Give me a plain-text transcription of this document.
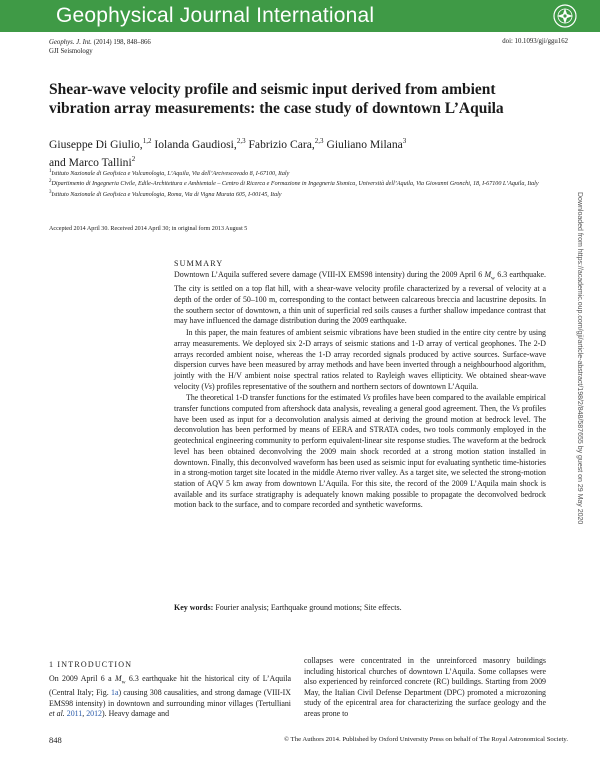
Geophysical Journal International
Geophys. J. Int. (2014) 198, 848–866
GJI Seismology
doi: 10.1093/gji/ggu162
Shear-wave velocity profile and seismic input derived from ambient vibration array measurements: the case study of downtown L’Aquila
Giuseppe Di Giulio,$^{1,2}$ Iolanda Gaudiosi,$^{2,3}$ Fabrizio Cara,$^{2,3}$ Giuliano Milana$^3$
and Marco Tallini$^2$
$^1$Istituto Nazionale di Geofisica e Vulcanologia, L’Aquila, Via dell’Arcivescovado 8, I-67100, Italy
$^2$Dipartimento di Ingegneria Civile, Edile-Architettura e Ambientale – Centro di Ricerca e Formazione in Ingegneria Sismica, Università dell’Aquila, Via Giovanni Gronchi, 18, I-67100 L’Aquila, Italy
$^3$Istituto Nazionale di Geofisica e Vulcanologia, Roma, Via di Vigna Murata 605, I-00145, Italy
Accepted 2014 April 30. Received 2014 April 30; in original form 2013 August 5
SUMMARY

Downtown L’Aquila suffered severe damage (VIII-IX EMS98 intensity) during the 2009 April 6 $M_w$ 6.3 earthquake. The city is settled on a top flat hill, with a shear-wave velocity profile characterized by a reversal of velocity at a depth of the order of 50–100 m, corresponding to the contact between calcareous breccia and lacustrine deposits. In the southern sector of downtown, a thin unit of superficial red soils causes a further shallow impedance contrast that may have influenced the damage distribution during the 2009 earthquake.

In this paper, the main features of ambient seismic vibrations have been studied in the entire city centre by using array measurements. We deployed six 2-D arrays of seismic stations and 1-D array of vertical geophones. The 2-D arrays recorded ambient noise, whereas the 1-D array recorded signals produced by active sources. Surface-wave dispersion curves have been measured by array methods and have been inverted through a neighbourhood algorithm, jointly with the H/V ambient noise spectral ratios related to Rayleigh waves ellipticity. We obtained shear-wave velocity (Vs) profiles representative of the southern and northern sectors of downtown L’Aquila.

The theoretical 1-D transfer functions for the estimated Vs profiles have been compared to the available empirical transfer functions computed from aftershock data analysis, revealing a general good agreement. Then, the Vs profiles have been used as input for a deconvolution analysis aimed at deriving the ground motion at bedrock level. The deconvolution has been performed by means of EERA and STRATA codes, two tools commonly employed in the geotechnical engineering community to perform equivalent-linear site response studies. The waveform at the bedrock level has been obtained deconvolving the 2009 main shock recorded at a strong motion station installed in downtown. Finally, this deconvolved waveform has been used as seismic input for evaluating synthetic time-histories in a strong-motion target site located in the middle Aterno river valley. As a target site, we selected the strong-motion station of AQV 5 km away from downtown L’Aquila. For this site, the record of the 2009 L’Aquila main shock is available and its surface stratigraphy is adequately known making possible to propagate the deconvolved bedrock motion back to the surface, and to compare recorded and synthetic waveforms.

Key words: Fourier analysis; Earthquake ground motions; Site effects.
1 INTRODUCTION
On 2009 April 6 a $M_w$ 6.3 earthquake hit the historical city of L’Aquila (Central Italy; Fig. 1a) causing 308 causalities, and strong damage (VIII-IX EMS98 intensity) in downtown and surrounding minor villages (Tertulliani et al. 2011, 2012). Heavy damage and
collapses were concentrated in the unreinforced masonry buildings including historical churches of downtown L’Aquila. Some collapses were also experienced by reinforced concrete (RC) buildings. Starting from 2009 May, the Italian Civil Defense Department (DPC) promoted a microzoning study of the epicentral area for characterizing the surface geology and the areas prone to
848	© The Authors 2014. Published by Oxford University Press on behalf of The Royal Astronomical Society.
Downloaded from https://academic.oup.com/gji/article-abstract/198/2/848/587655 by guest on 29 May 2020
